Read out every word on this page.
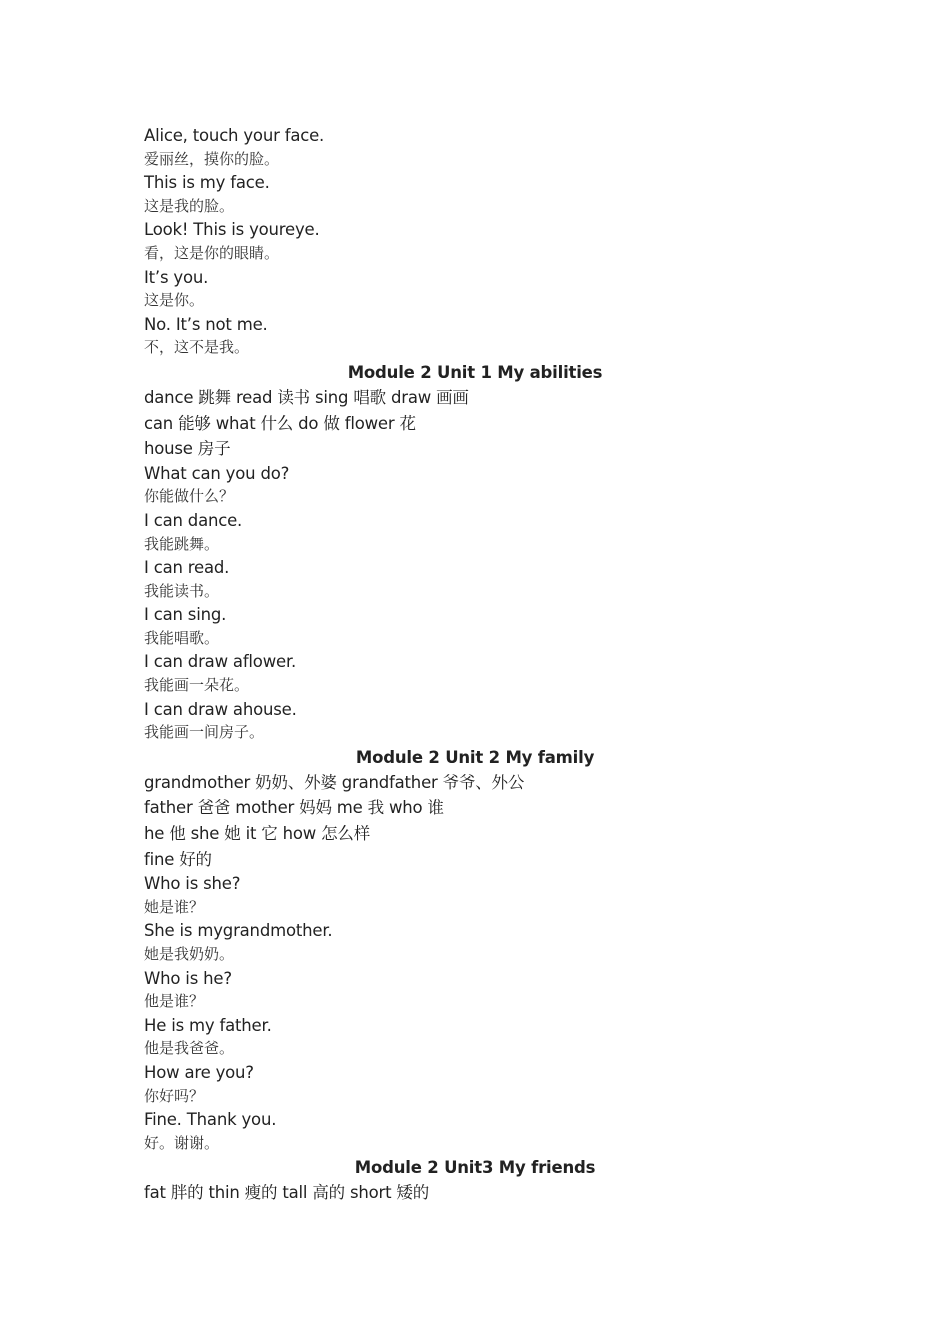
Alice, touch your face.
爱丽丝，摸你的脸。
This is my face.
这是我的脸。
Look! This is youreye.
看，这是你的眼睛。
It’s you.
这是你。
No. It’s not me.
不，这不是我。
Module 2 Unit 1 My abilities
dance 跳舞 read 读书 sing 唱歌 draw 画画
can 能够 what 什么 do 做 flower 花
house 房子
What can you do?
你能做什么？
I can dance.
我能跳舞。
I can read.
我能读书。
I can sing.
我能唱歌。
I can draw aflower.
我能画一朵花。
I can draw ahouse.
我能画一间房子。
Module 2 Unit 2 My family
grandmother 奶奶、外婆 grandfather 爷爷、外公
father 爸爸 mother 妈妈 me 我 who 谁
he 他 she 她 it 它 how 怎么样
fine 好的
Who is she?
她是谁？
She is mygrandmother.
她是我奶奶。
Who is he?
他是谁？
He is my father.
他是我爸爸。
How are you?
你好吗？
Fine. Thank you.
好。谢谢。
Module 2 Unit3 My friends
fat 胖的 thin 瘦的 tall 高的 short 矮的
